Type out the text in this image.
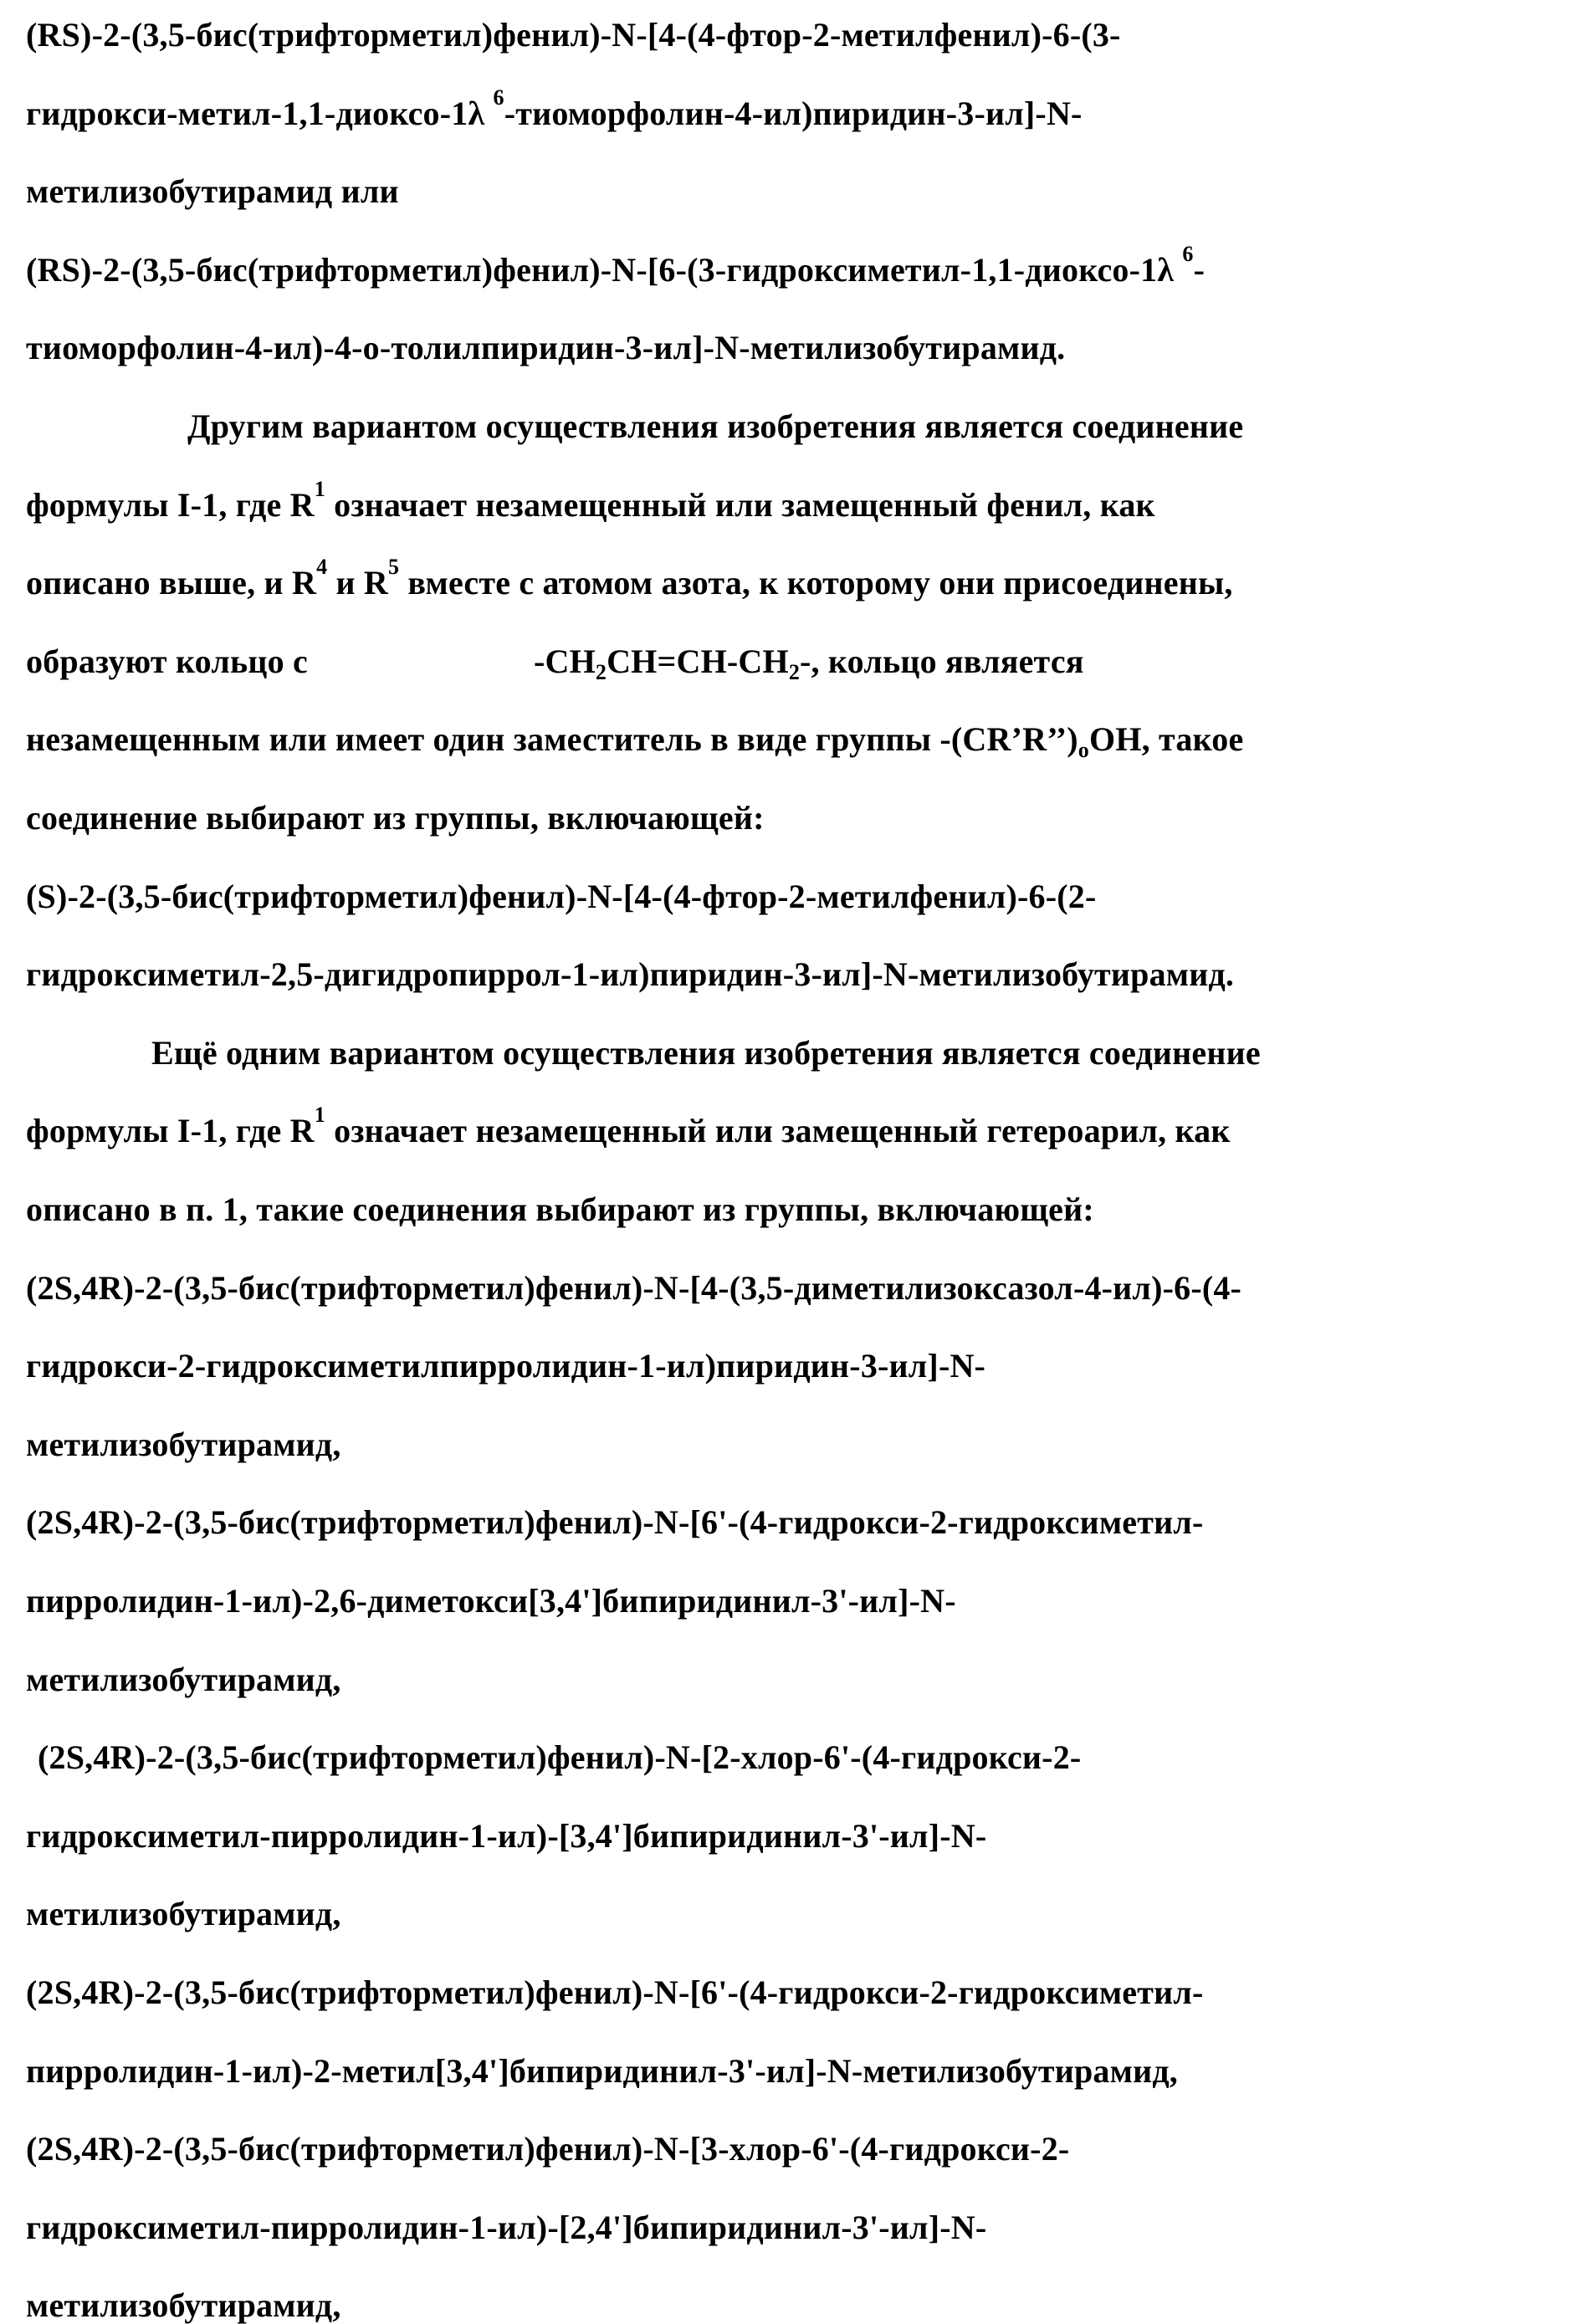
(RS)-2-(3,5-бис(трифторметил)фенил)-N-[4-(4-фтор-2-метилфенил)-6-(3-
гидрокси-метил-1,1-диоксо-1λ 6-тиоморфолин-4-ил)пиридин-3-ил]-N-
метилизобутирамид или
(RS)-2-(3,5-бис(трифторметил)фенил)-N-[6-(3-гидроксиметил-1,1-диоксо-1λ 6-
тиоморфолин-4-ил)-4-о-толилпиридин-3-ил]-N-метилизобутирамид.
Другим вариантом осуществления изобретения является соединение
формулы I-1, где R1 означает незамещенный или замещенный фенил, как
описано выше, и R4 и R5 вместе с атомом азота, к которому они присоединены,
образуют кольцо с	-CH2CH=CH-CH2-, кольцо является
незамещенным или имеет один заместитель в виде группы -(CR’R’’)oOH, такое
соединение выбирают из группы, включающей:
(S)-2-(3,5-бис(трифторметил)фенил)-N-[4-(4-фтор-2-метилфенил)-6-(2-
гидроксиметил-2,5-дигидропиррол-1-ил)пиридин-3-ил]-N-метилизобутирамид.
Ещё одним вариантом осуществления изобретения является соединение
формулы I-1, где R1 означает незамещенный или замещенный гетероарил, как
описано в п. 1, такие соединения выбирают из группы, включающей:
(2S,4R)-2-(3,5-бис(трифторметил)фенил)-N-[4-(3,5-диметилизоксазол-4-ил)-6-(4-
гидрокси-2-гидроксиметилпирролидин-1-ил)пиридин-3-ил]-N-
метилизобутирамид,
(2S,4R)-2-(3,5-бис(трифторметил)фенил)-N-[6'-(4-гидрокси-2-гидроксиметил-
пирролидин-1-ил)-2,6-диметокси[3,4']бипиридинил-3'-ил]-N-
метилизобутирамид,
(2S,4R)-2-(3,5-бис(трифторметил)фенил)-N-[2-хлор-6'-(4-гидрокси-2-
гидроксиметил-пирролидин-1-ил)-[3,4']бипиридинил-3'-ил]-N-
метилизобутирамид,
(2S,4R)-2-(3,5-бис(трифторметил)фенил)-N-[6'-(4-гидрокси-2-гидроксиметил-
пирролидин-1-ил)-2-метил[3,4']бипиридинил-3'-ил]-N-метилизобутирамид,
(2S,4R)-2-(3,5-бис(трифторметил)фенил)-N-[3-хлор-6'-(4-гидрокси-2-
гидроксиметил-пирролидин-1-ил)-[2,4']бипиридинил-3'-ил]-N-
метилизобутирамид,
